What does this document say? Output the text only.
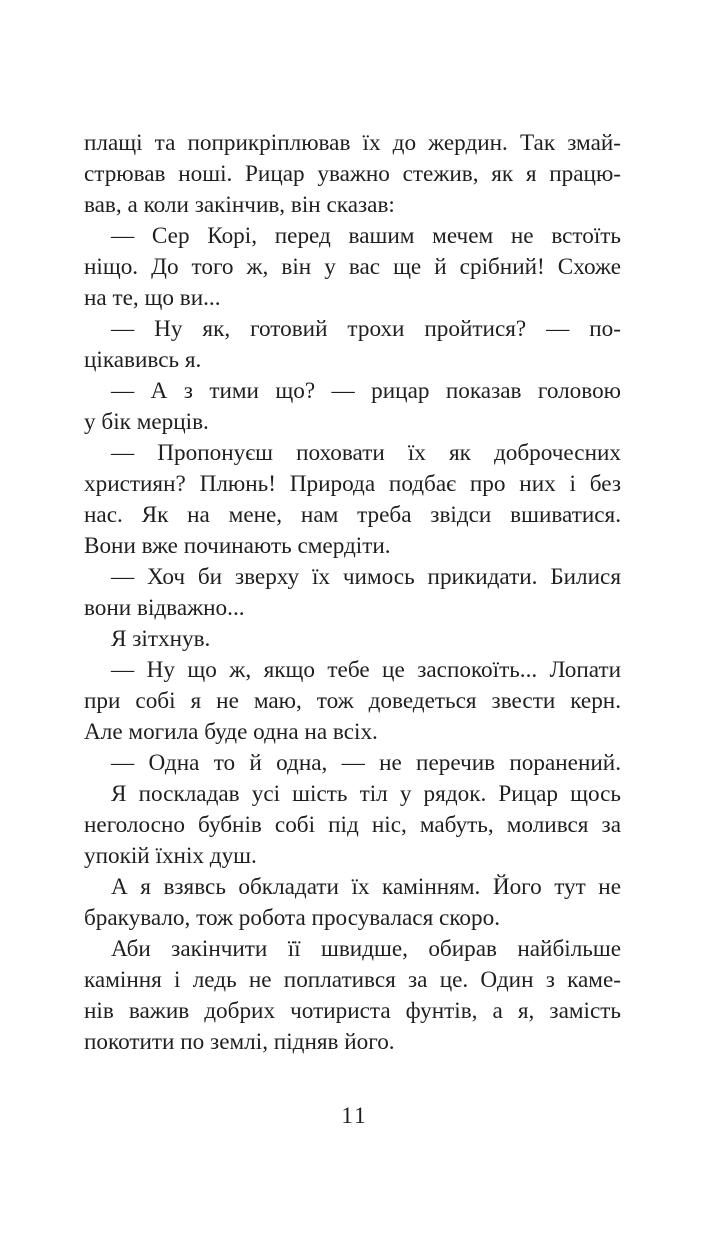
плащі та поприкріплював їх до жердин. Так змай-
стрював ноші. Рицар уважно стежив, як я працю-
вав, а коли закінчив, він сказав:
— Сер Корі, перед вашим мечем не встоїть
ніщо. До того ж, він у вас ще й срібний! Схоже
на те, що ви...
— Ну як, готовий трохи пройтися? — по-
цікавивсь я.
— А з тими що? — рицар показав головою
у бік мерців.
— Пропонуєш поховати їх як доброчесних
християн? Плюнь! Природа подбає про них і без
нас. Як на мене, нам треба звідси вшиватися.
Вони вже починають смердіти.
— Хоч би зверху їх чимось прикидати. Билися
вони відважно...
Я зітхнув.
— Ну що ж, якщо тебе це заспокоїть... Лопати
при собі я не маю, тож доведеться звести керн.
Але могила буде одна на всіх.
— Одна то й одна, — не перечив поранений.
Я поскладав усі шість тіл у рядок. Рицар щось
неголосно бубнів собі під ніс, мабуть, молився за
упокій їхніх душ.
А я взявсь обкладати їх камінням. Його тут не
бракувало, тож робота просувалася скоро.
Аби закінчити її швидше, обирав найбільше
каміння і ледь не поплатився за це. Один з каме-
нів важив добрих чотириста фунтів, а я, замість
покотити по землі, підняв його.
11
